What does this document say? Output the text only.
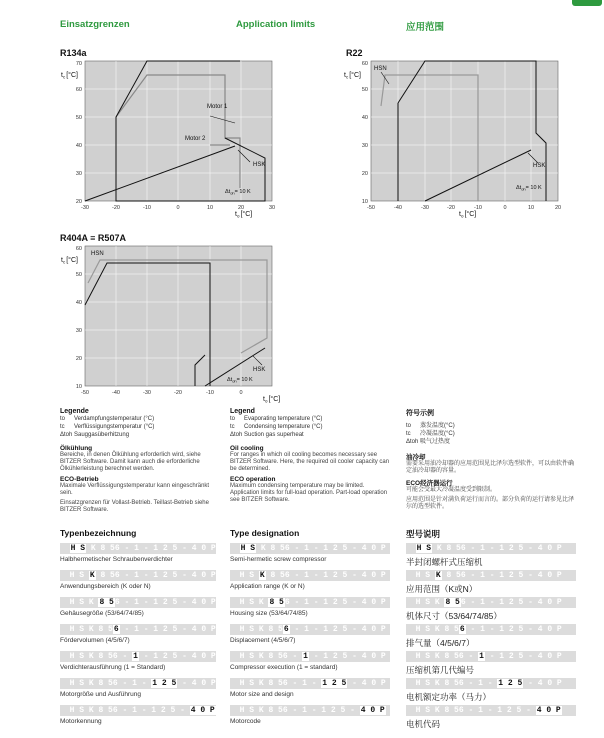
Einsatzgrenzen	Application limits	应用范围
R134a
Motor 1
Motor 2
HSK
$\Delta t_{oh}= 10$ K
20
30
40
50
60
70
-30	-20	-10	0	10	20	30
$t_c[^\circ C]$
$t_o[^\circ C]$
R22
HSN
HSK
$\Delta t_{oh}= 10$ K
10
20
30
40
50
60
-50	-40	-30	-20	-10	0	10	20
$t_c[^\circ C]$
$t_o[^\circ C]$
R404A ≡ R507A
HSN
HSK
$\Delta t_{oh}= 10$ K
10
20
30
40
50
60
-50	-40	-30	-20	-10	0
$t_c[^\circ C]$
$t_o[^\circ C]$
Legende
to	Verdampfungstemperatur (°C)
tc	Verflüssigungstemperatur (°C)
Δtoh Sauggasüberhitzung
Ölkühlung
Bereiche, in denen Ölkühlung erforderlich wird, siehe BITZER Software. Damit kann auch die erforderliche Ölkühlerleistung berechnet werden.
ECO-Betrieb
Maximale Verflüssigungstemperatur kann eingeschränkt sein.
Einsatzgrenzen für Vollast-Betrieb. Teillast-Betrieb siehe BITZER Software.
Legend
to	Evaporating temperature (°C)
tc	Condensing temperature (°C)
Δtoh Suction gas superheat
Oil cooling
For ranges in which oil cooling becomes necessary see BITZER Software. Here, the required oil cooler capacity can be determined.
ECO operation
Maximum condensing temperature may be limited.
Application limits for full-load operation. Part-load operation see BITZER Software.
符号示例
to	蒸发温度(°C)
tc	冷凝温度(°C)
Δtoh 吸气过热度
油冷却
需要采用油冷却器的应用范围见比泽尔选型软件，可以由软件确定油冷却器的容量。
ECO经济器运行
可能会受最大冷凝温度受到限制。
应用范围是针对满负荷运行而言的。部分负荷的运行请参见比泽尔的选型软件。
Typenbezeichnung	Type designation	型号说明
H S K 8 56 - 1 - 1 2 5 - 4 0 P
Halbhermetischer Schraubenverdichter
H S K 8 56 - 1 - 1 2 5 - 4 0 P
Semi-hermetic screw compressor
H S K 8 56 - 1 - 1 2 5 - 4 0 P
半封闭螺杆式压缩机
H S K 8 56 - 1 - 1 2 5 - 4 0 P
Anwendungsbereich (K oder N)
H S K 8 56 - 1 - 1 2 5 - 4 0 P
Application range (K or N)
H S K 8 56 - 1 - 1 2 5 - 4 0 P
应用范围（K或N）
H S K 8 56 - 1 - 1 2 5 - 4 0 P
Gehäusegröße (53/64/74/85)
H S K 8 56 - 1 - 1 2 5 - 4 0 P
Housing size (53/64/74/85)
H S K 8 56 - 1 - 1 2 5 - 4 0 P
机体尺寸（53/64/74/85）
H S K 8 56 - 1 - 1 2 5 - 4 0 P
Fördervolumen (4/5/6/7)
H S K 8 56 - 1 - 1 2 5 - 4 0 P
Displacement (4/5/6/7)
H S K 8 56 - 1 - 1 2 5 - 4 0 P
排气量（4/5/6/7）
H S K 8 56 - 1 - 1 2 5 - 4 0 P
Verdichterausführung (1 = Standard)
H S K 8 56 - 1 - 1 2 5 - 4 0 P
Compressor execution (1 = standard)
H S K 8 56 - 1 - 1 2 5 - 4 0 P
压缩机第几代编号
H S K 8 56 - 1 - 1 2 5 - 4 0 P
Motorgröße und Ausführung
H S K 8 56 - 1 - 1 2 5 - 4 0 P
Motor size and design
H S K 8 56 - 1 - 1 2 5 - 4 0 P
电机额定功率（马力）
H S K 8 56 - 1 - 1 2 5 - 4 0 P
Motorkennung
H S K 8 56 - 1 - 1 2 5 - 4 0 P
Motorcode
H S K 8 56 - 1 - 1 2 5 - 4 0 P
电机代码
